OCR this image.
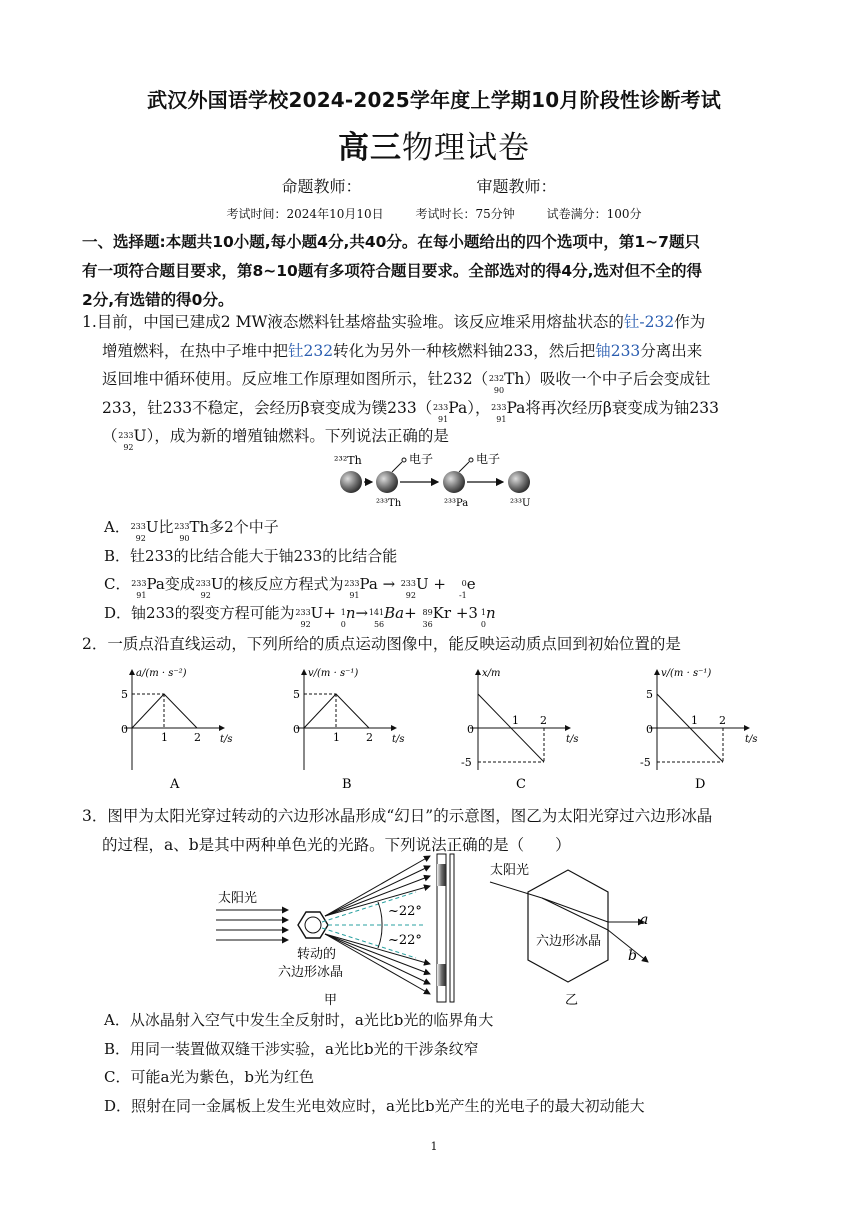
武汉外国语学校2024-2025学年度上学期10月阶段性诊断考试
高三物理试卷
命题教师：	审题教师：
考试时间：2024年10月10日	考试时长：75分钟	试卷满分：100分
一、选择题:本题共10小题,每小题4分,共40分。在每小题给出的四个选项中，第1~7题只
有一项符合题目要求，第8~10题有多项符合题目要求。全部选对的得4分,选对但不全的得
2分,有选错的得0分。
1.目前，中国已建成2 MW液态燃料钍基熔盐实验堆。该反应堆采用熔盐状态的钍-232作为
增殖燃料，在热中子堆中把钍232转化为另外一种核燃料铀233，然后把铀233分离出来
返回堆中循环使用。反应堆工作原理如图所示，钍232（ 232
90
Th）吸收一个中子后会变成钍
233，钍233不稳定，会经历β衰变成为镤233（ 233
91
Pa）， 233
91
Pa将再次经历β衰变成为铀233
（ 233
92
U），成为新的增殖铀燃料。下列说法正确的是
²³²Th
²³³Th
电子
²³³Pa
电子
²³³U
A． 233
92
U比 233
90
Th多2个中子
B．钍233的比结合能大于铀233的比结合能
C． 233
91
Pa变成 233
92
U的核反应方程式为 233
91
Pa → 233
92
U + 0
-1
e
D．铀233的裂变方程可能为 233
92
U+ 1
0
n→ 141
56
Ba+ 89
36
Kr +3 1
0
n
2．一质点沿直线运动，下列所给的质点运动图像中，能反映运动质点回到初始位置的是
a/(m · s⁻²)
t/s
5
0
1 2
A
v/(m · s⁻¹)
t/s
5
0
1 2
B
x/m
t/s
-5
0
1 2
C
v/(m · s⁻¹)
t/s
5
-5
0
1 2
D
3．图甲为太阳光穿过转动的六边形冰晶形成“幻日”的示意图，图乙为太阳光穿过六边形冰晶
的过程，a、b是其中两种单色光的光路。下列说法正确的是（　　）
太阳光
~22°
~22°
转动的
六边形冰晶
甲
太阳光
a
b
六边形冰晶
乙
A．从冰晶射入空气中发生全反射时，a光比b光的临界角大
B．用同一装置做双缝干涉实验，a光比b光的干涉条纹窄
C．可能a光为紫色，b光为红色
D．照射在同一金属板上发生光电效应时，a光比b光产生的光电子的最大初动能大
1
